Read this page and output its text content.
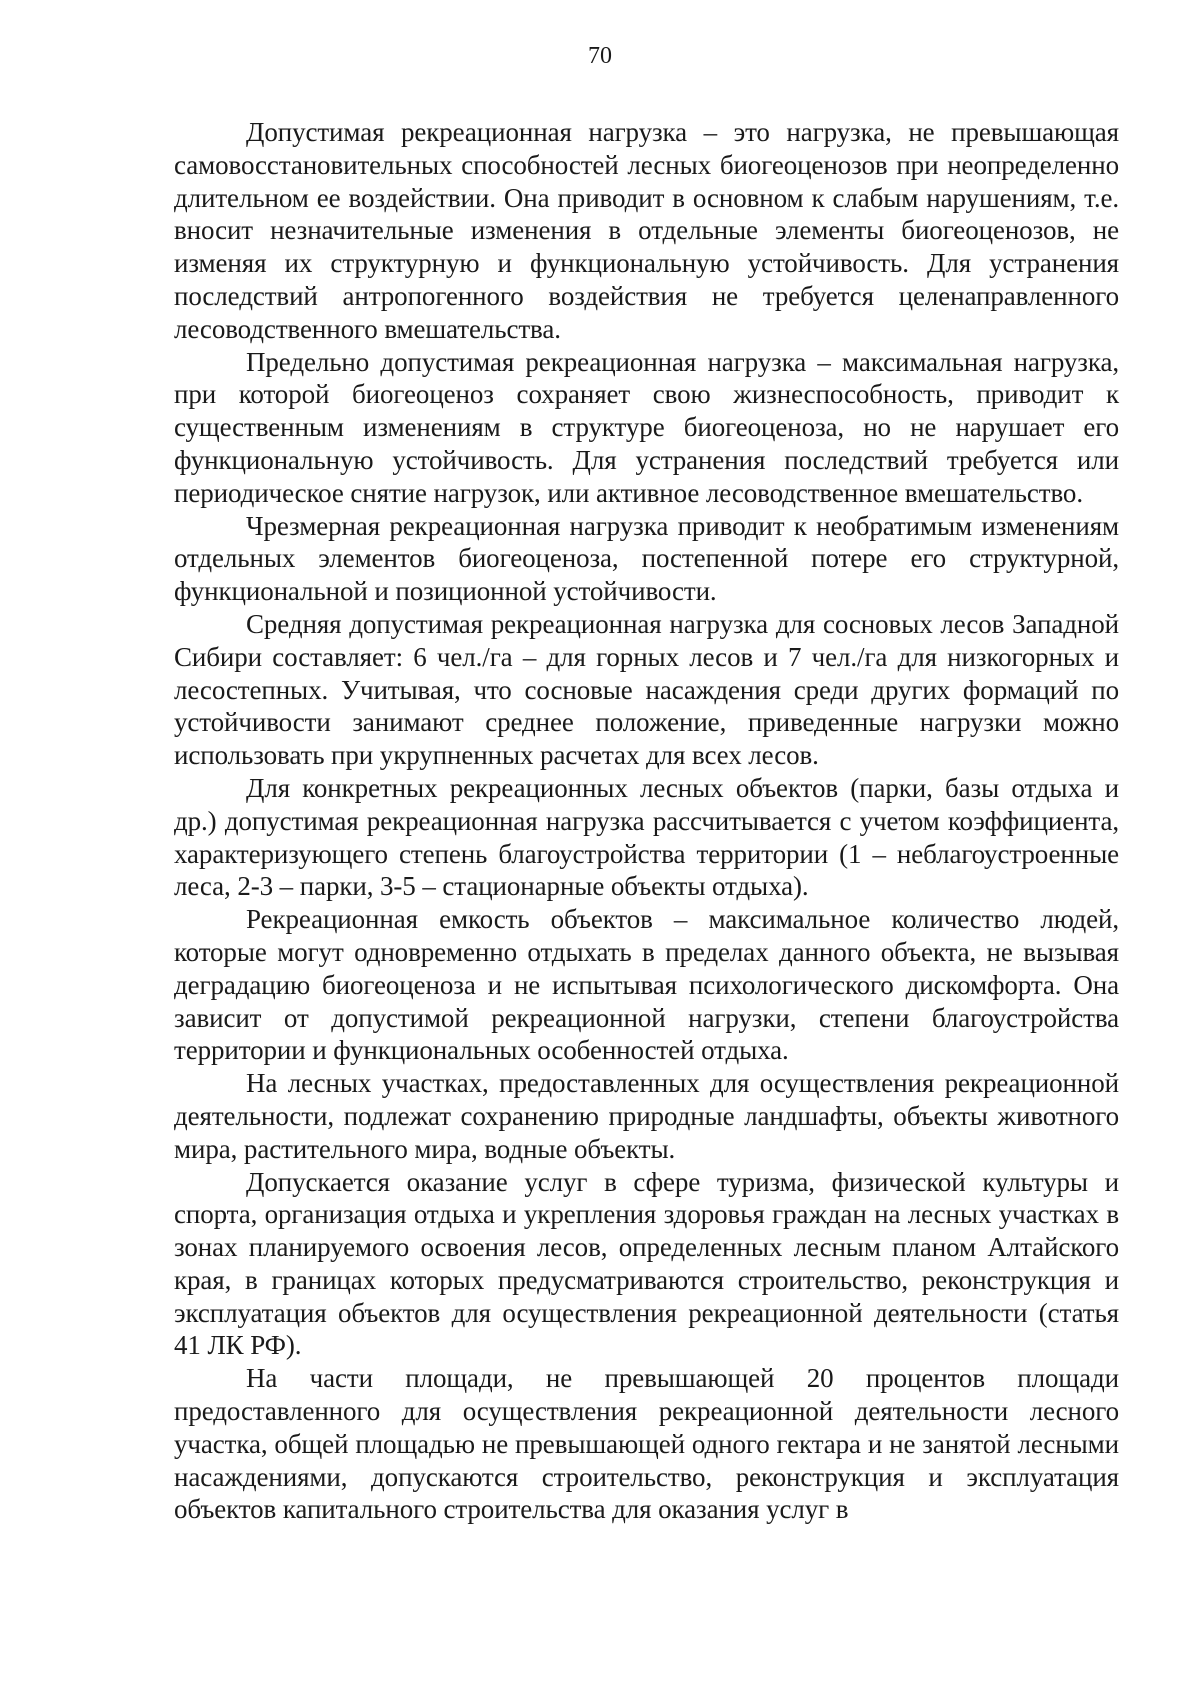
70

Допустимая рекреационная нагрузка – это нагрузка, не превышающая самовосстановительных способностей лесных биогеоценозов при неопределенно длительном ее воздействии. Она приводит в основном к слабым нарушениям, т.е. вносит незначительные изменения в отдельные элементы биогеоценозов, не изменяя их структурную и функциональную устойчивость. Для устранения последствий антропогенного воздействия не требуется целенаправленного лесоводственного вмешательства.

Предельно допустимая рекреационная нагрузка – максимальная нагрузка, при которой биогеоценоз сохраняет свою жизнеспособность, приводит к существенным изменениям в структуре биогеоценоза, но не нарушает его функциональную устойчивость. Для устранения последствий требуется или периодическое снятие нагрузок, или активное лесоводственное вмешательство.

Чрезмерная рекреационная нагрузка приводит к необратимым изменениям отдельных элементов биогеоценоза, постепенной потере его структурной, функциональной и позиционной устойчивости.

Средняя допустимая рекреационная нагрузка для сосновых лесов Западной Сибири составляет: 6 чел./га – для горных лесов и 7 чел./га для низкогорных и лесостепных. Учитывая, что сосновые насаждения среди других формаций по устойчивости занимают среднее положение, приведенные нагрузки можно использовать при укрупненных расчетах для всех лесов.

Для конкретных рекреационных лесных объектов (парки, базы отдыха и др.) допустимая рекреационная нагрузка рассчитывается с учетом коэффициента, характеризующего степень благоустройства территории (1 – неблагоустроенные леса, 2-3 – парки, 3-5 – стационарные объекты отдыха).

Рекреационная емкость объектов – максимальное количество людей, которые могут одновременно отдыхать в пределах данного объекта, не вызывая деградацию биогеоценоза и не испытывая психологического дискомфорта. Она зависит от допустимой рекреационной нагрузки, степени благоустройства территории и функциональных особенностей отдыха.

На лесных участках, предоставленных для осуществления рекреационной деятельности, подлежат сохранению природные ландшафты, объекты животного мира, растительного мира, водные объекты.

Допускается оказание услуг в сфере туризма, физической культуры и спорта, организация отдыха и укрепления здоровья граждан на лесных участках в зонах планируемого освоения лесов, определенных лесным планом Алтайского края, в границах которых предусматриваются строительство, реконструкция и эксплуатация объектов для осуществления рекреационной деятельности (статья 41 ЛК РФ).

На части площади, не превышающей 20 процентов площади предоставленного для осуществления рекреационной деятельности лесного участка, общей площадью не превышающей одного гектара и не занятой лесными насаждениями, допускаются строительство, реконструкция и эксплуатация объектов капитального строительства для оказания услуг в
